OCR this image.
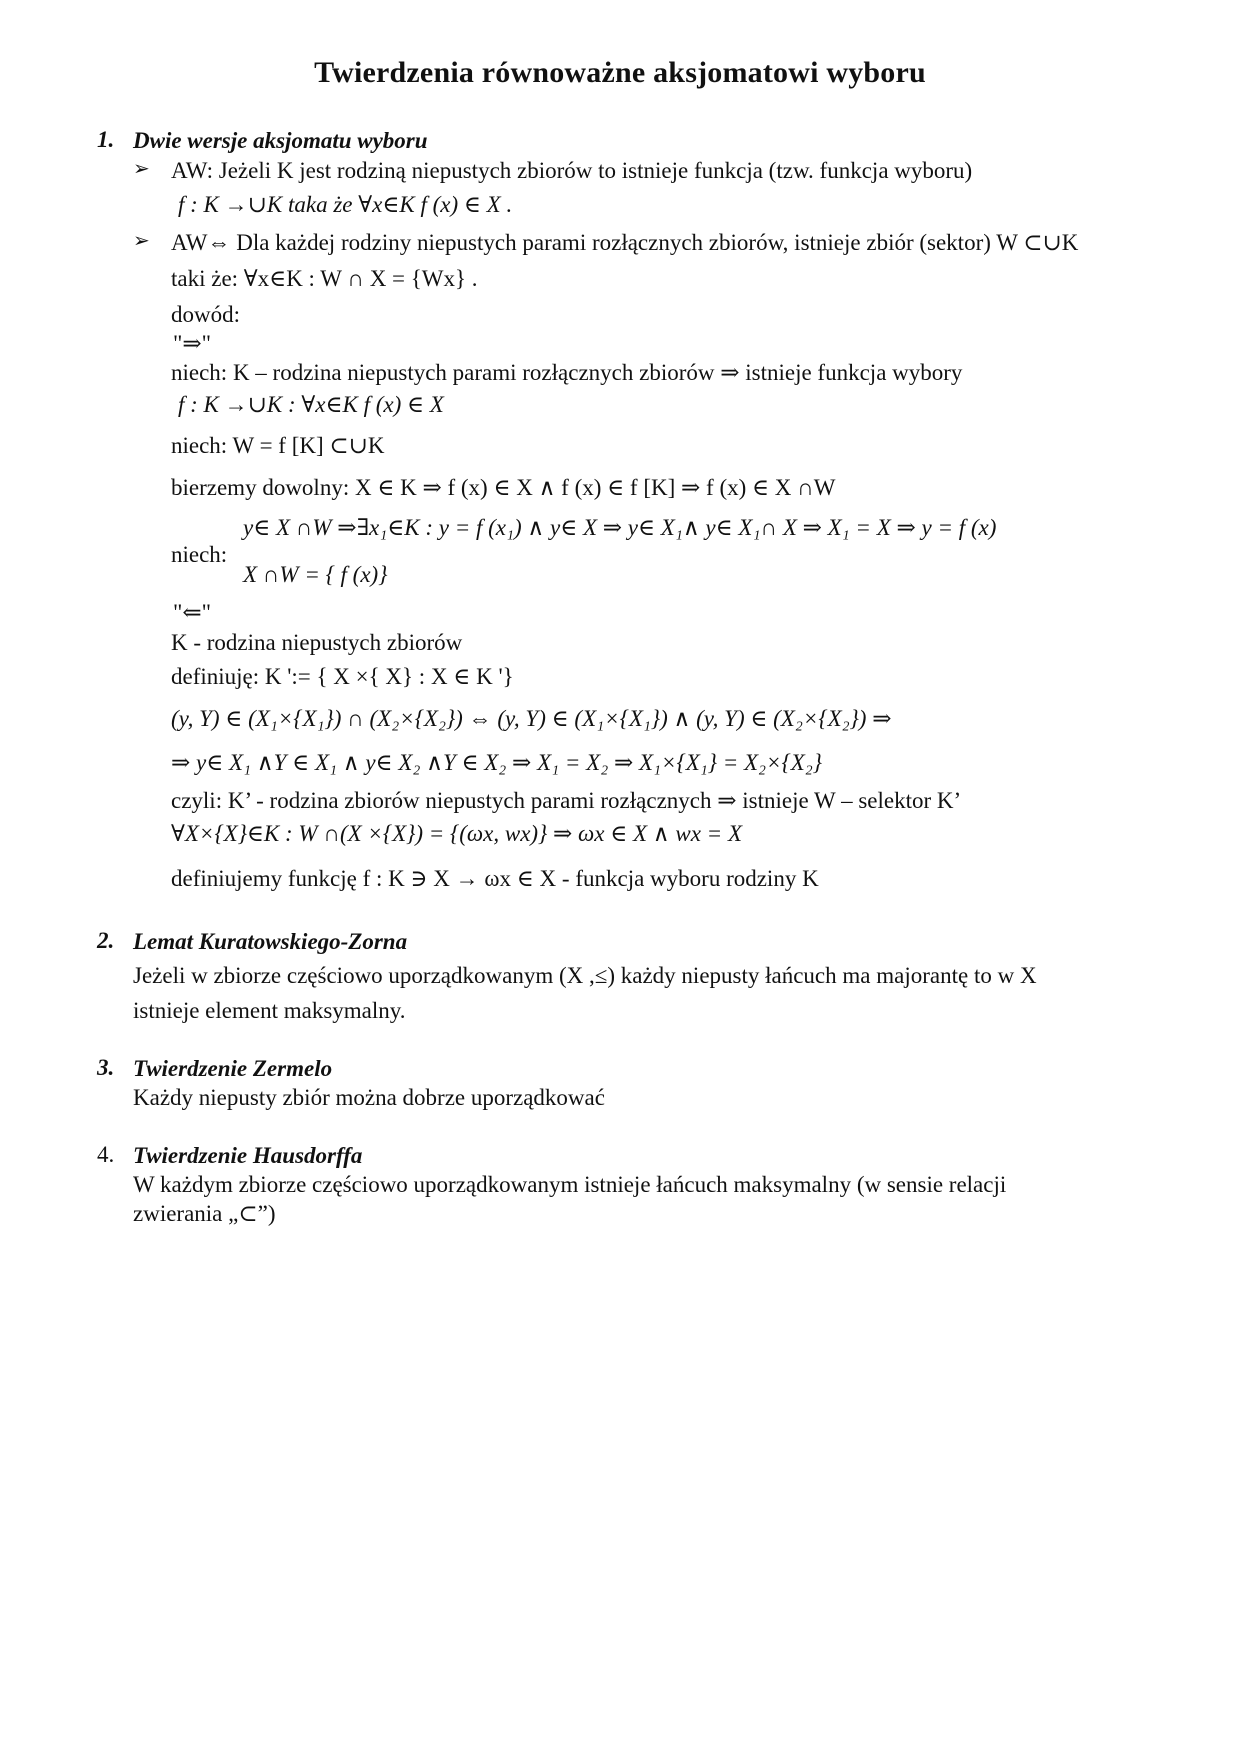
Twierdzenia równoważne aksjomatowi wyboru
1. Dwie wersje aksjomatu wyboru
➢ AW: Jeżeli K jest rodziną niepustych zbiorów to istnieje funkcja (tzw. funkcja wyboru)
f : K →∪K taka że ∀x∈K f (x) ∈ X .
➢ AW⇔ Dla każdej rodziny niepustych parami rozłącznych zbiorów, istnieje zbiór (sektor) W ⊂∪K
taki że: ∀x∈K : W ∩ X = {Wx} .
dowód:
"⇒"
niech: K – rodzina niepustych parami rozłącznych zbiorów ⇒ istnieje funkcja wybory
f : K →∪K : ∀x∈K f (x) ∈ X
niech: W = f [K] ⊂∪K
bierzemy dowolny: X ∈ K ⇒ f (x) ∈ X ∧ f (x) ∈ f [K] ⇒ f (x) ∈ X ∩W
y∈ X ∩W ⇒∃x₁∈K : y = f (x₁) ∧ y∈ X ⇒ y∈ X₁∧ y∈ X₁∩ X ⇒ X₁ = X ⇒ y = f (x)
niech:
X ∩W = { f (x)}
"⇐"
K - rodzina niepustych zbiorów
definiuję: K ':= { X ×{ X} : X ∈ K '}
(y, Y) ∈ (X₁×{X₁}) ∩ (X₂×{X₂}) ⇔ (y, Y) ∈ (X₁×{X₁}) ∧ (y, Y) ∈ (X₂×{X₂}) ⇒
⇒ y∈ X₁ ∧Y ∈ X₁ ∧ y∈ X₂ ∧Y ∈ X₂ ⇒ X₁ = X₂ ⇒ X₁×{X₁} = X₂×{X₂}
czyli: K’ - rodzina zbiorów niepustych parami rozłącznych ⇒ istnieje W – selektor K’
∀X×{X}∈K : W ∩(X ×{X}) = {(ωx, wx)} ⇒ ωx ∈ X ∧ wx = X
definiujemy funkcję f : K ∋ X → ωx ∈ X - funkcja wyboru rodziny K
2. Lemat Kuratowskiego-Zorna
Jeżeli w zbiorze częściowo uporządkowanym (X ,≤) każdy niepusty łańcuch ma majorantę to w X
istnieje element maksymalny.
3. Twierdzenie Zermelo
Każdy niepusty zbiór można dobrze uporządkować
4. Twierdzenie Hausdorffa
W każdym zbiorze częściowo uporządkowanym istnieje łańcuch maksymalny (w sensie relacji
zwierania „⊂”)
